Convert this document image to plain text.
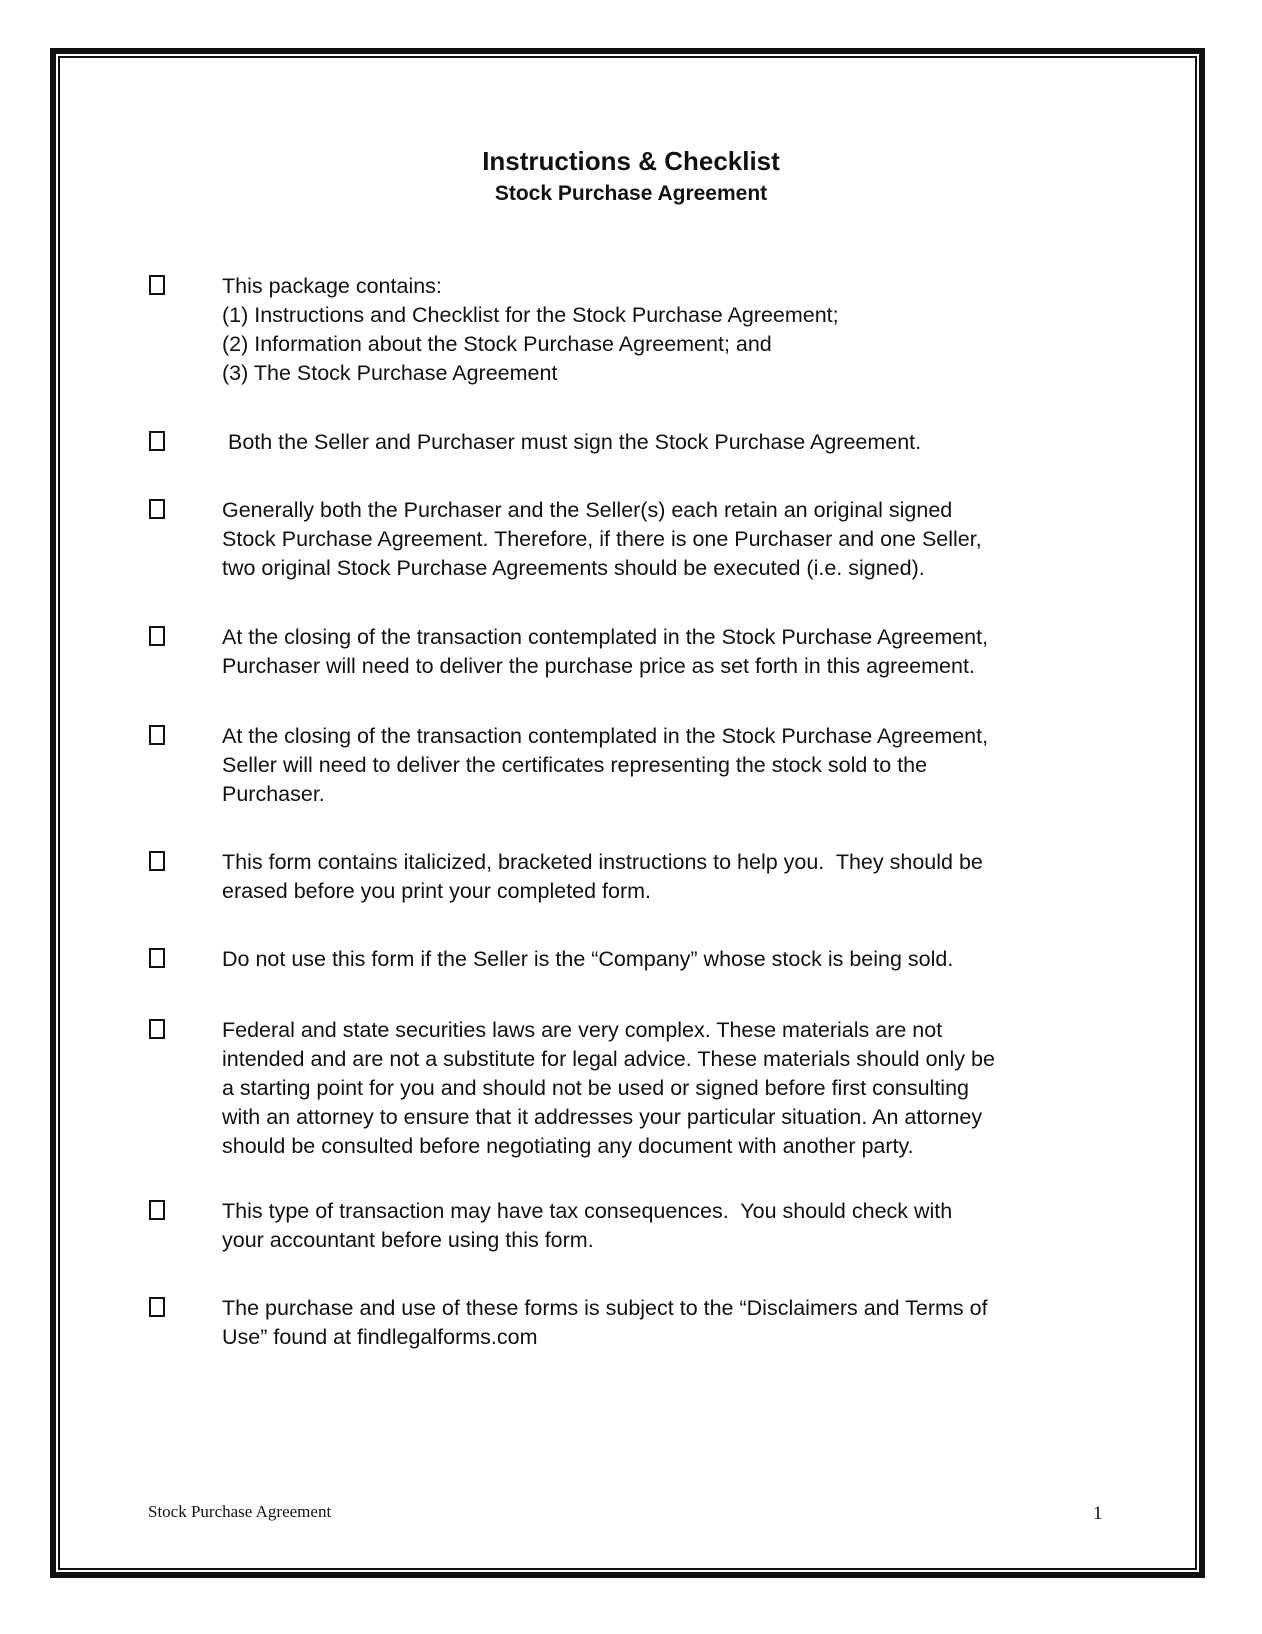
Instructions & Checklist
Stock Purchase Agreement
This package contains:
(1) Instructions and Checklist for the Stock Purchase Agreement;
(2) Information about the Stock Purchase Agreement; and
(3) The Stock Purchase Agreement
Both the Seller and Purchaser must sign the Stock Purchase Agreement.
Generally both the Purchaser and the Seller(s) each retain an original signed
Stock Purchase Agreement. Therefore, if there is one Purchaser and one Seller,
two original Stock Purchase Agreements should be executed (i.e. signed).
At the closing of the transaction contemplated in the Stock Purchase Agreement,
Purchaser will need to deliver the purchase price as set forth in this agreement.
At the closing of the transaction contemplated in the Stock Purchase Agreement,
Seller will need to deliver the certificates representing the stock sold to the
Purchaser.
This form contains italicized, bracketed instructions to help you.  They should be
erased before you print your completed form.
Do not use this form if the Seller is the “Company” whose stock is being sold.
Federal and state securities laws are very complex. These materials are not
intended and are not a substitute for legal advice. These materials should only be
a starting point for you and should not be used or signed before first consulting
with an attorney to ensure that it addresses your particular situation. An attorney
should be consulted before negotiating any document with another party.
This type of transaction may have tax consequences.  You should check with
your accountant before using this form.
The purchase and use of these forms is subject to the “Disclaimers and Terms of
Use” found at findlegalforms.com
Stock Purchase Agreement	1
